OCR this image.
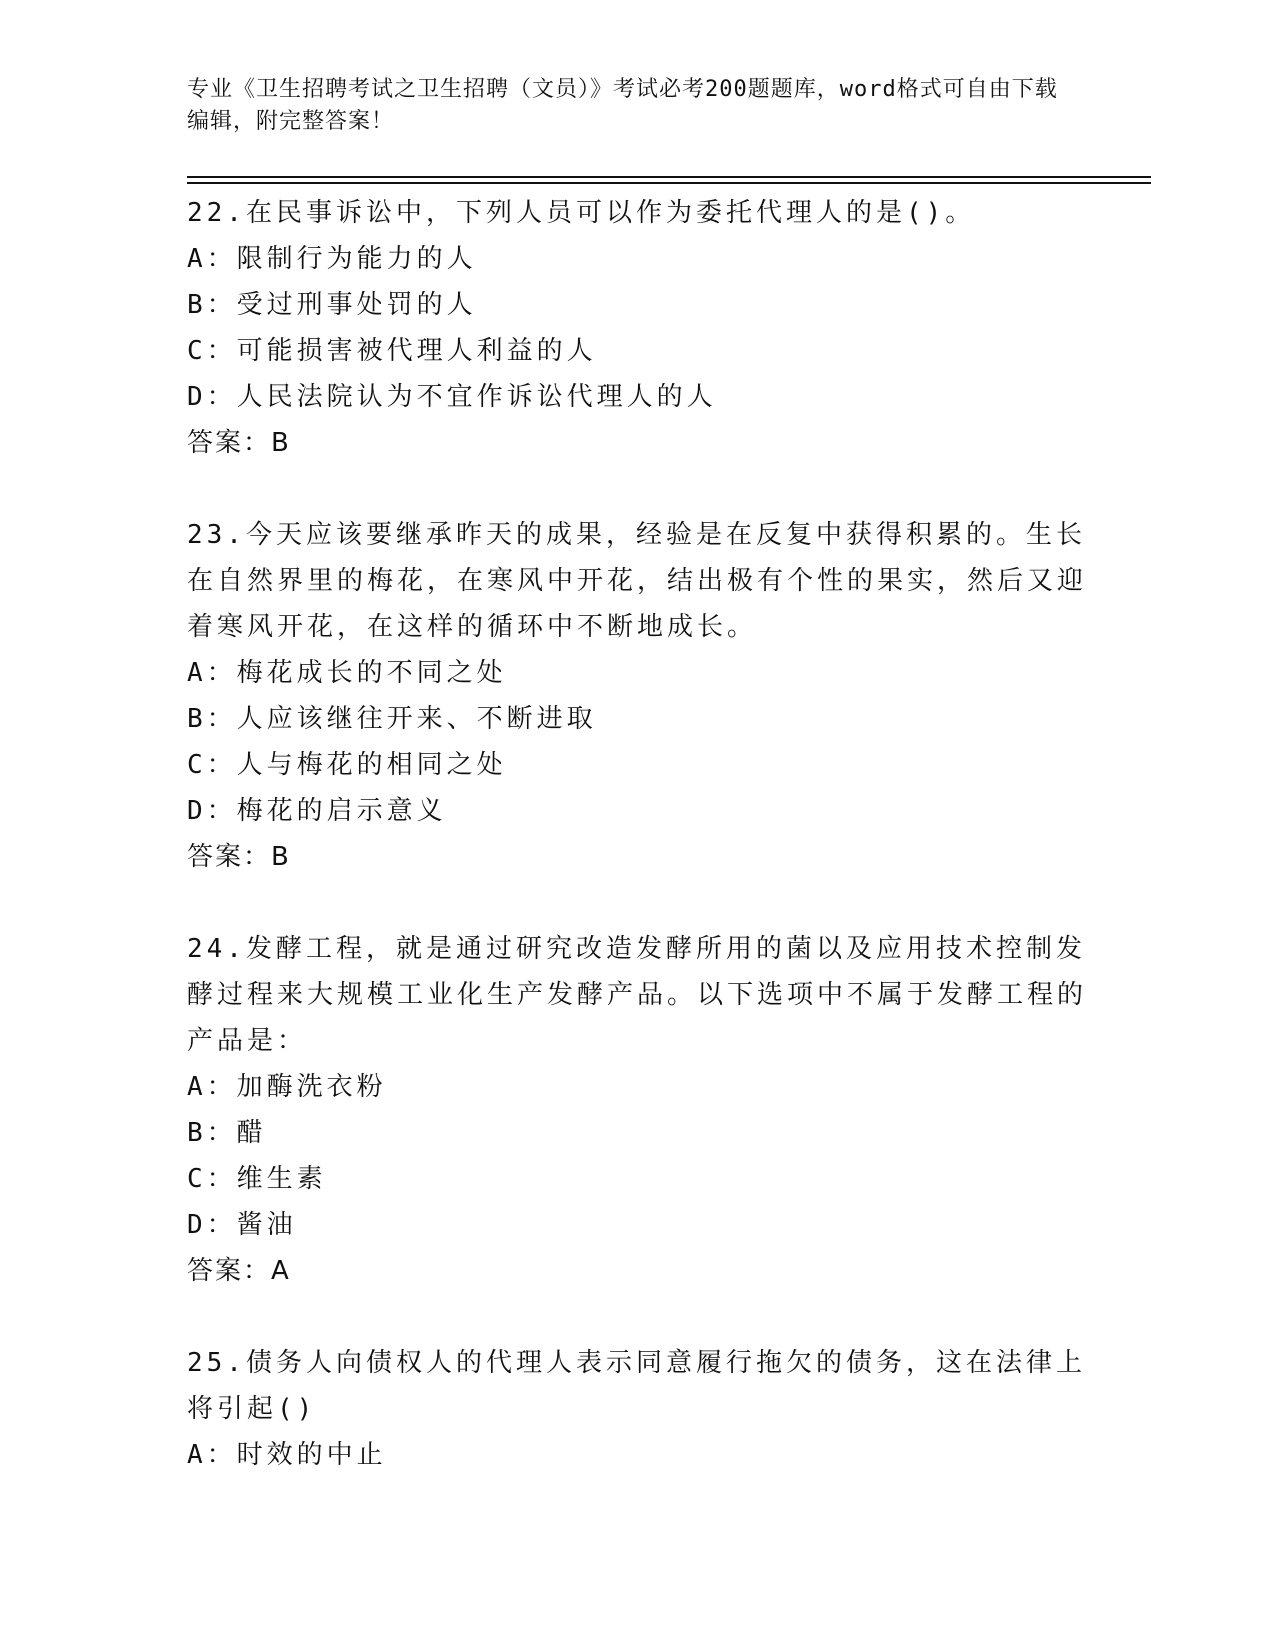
专业《卫生招聘考试之卫生招聘（文员）》考试必考200题题库，word格式可自由下载编辑，附完整答案！

22.在民事诉讼中，下列人员可以作为委托代理人的是()。

A：限制行为能力的人

B：受过刑事处罚的人

C：可能损害被代理人利益的人

D：人民法院认为不宜作诉讼代理人的人

答案：B

23.今天应该要继承昨天的成果，经验是在反复中获得积累的。生长在自然界里的梅花，在寒风中开花，结出极有个性的果实，然后又迎着寒风开花，在这样的循环中不断地成长。

A：梅花成长的不同之处

B：人应该继往开来、不断进取

C：人与梅花的相同之处

D：梅花的启示意义

答案：B

24.发酵工程，就是通过研究改造发酵所用的菌以及应用技术控制发酵过程来大规模工业化生产发酵产品。以下选项中不属于发酵工程的产品是：

A：加酶洗衣粉

B：醋

C：维生素

D：酱油

答案：A

25.债务人向债权人的代理人表示同意履行拖欠的债务，这在法律上将引起()

A：时效的中止
